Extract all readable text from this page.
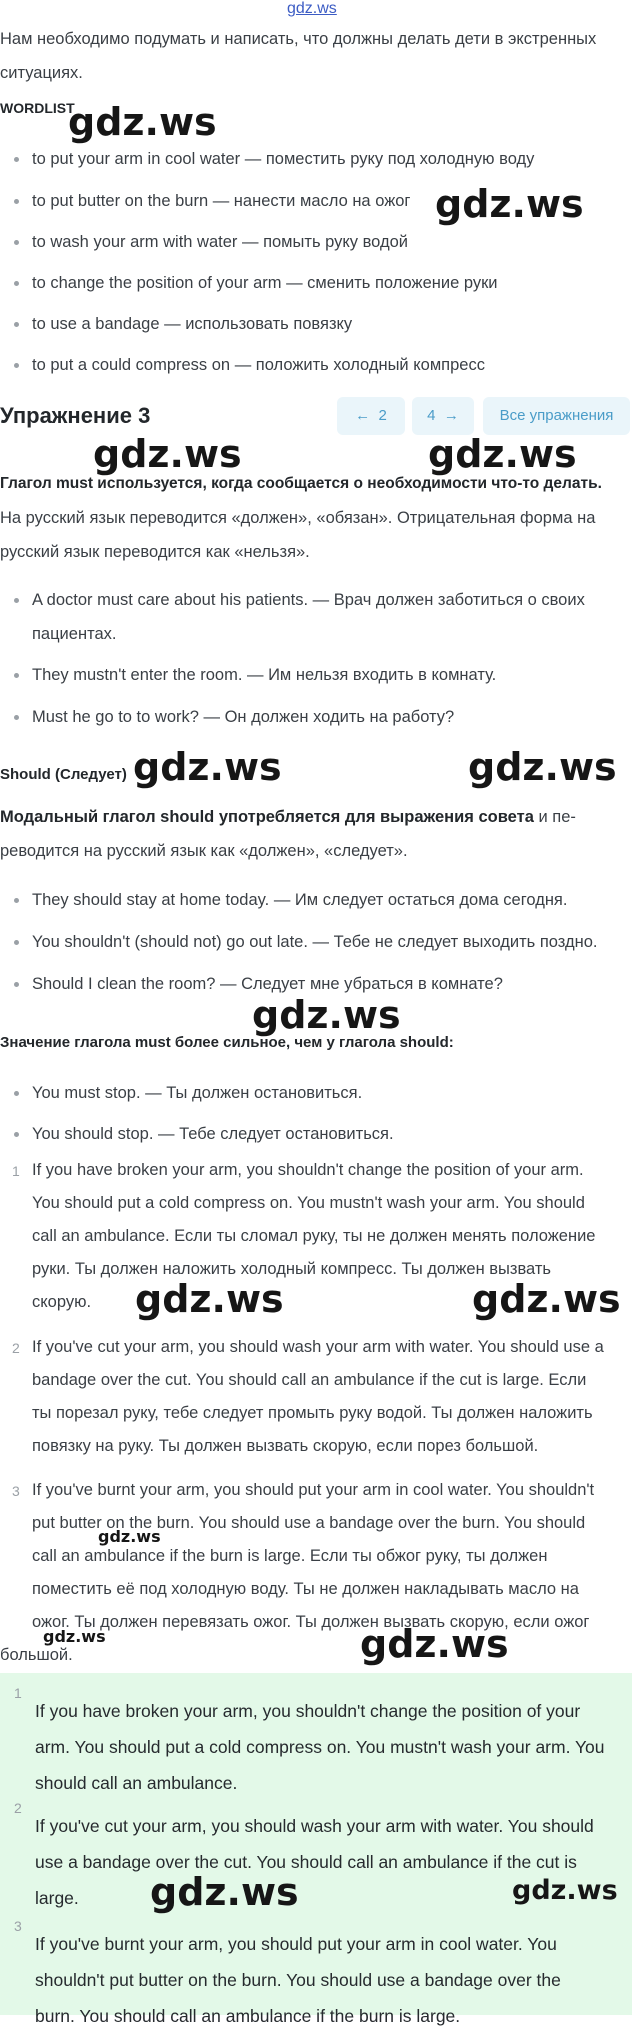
gdz.ws

Нам необходимо подумать и написать, что должны делать дети в экстренных

ситуациях.

WORDLIST
to put your arm in cool water — поместить руку под холодную воду
to put butter on the burn — нанести масло на ожог
to wash your arm with water — помыть руку водой
to change the position of your arm — сменить положение руки
to use a bandage — использовать повязку
to put a could compress on — положить холодный компресс
Упражнение 3	← 2	4 →	Все упражнения

Глагол must используется, когда сообщается о необходимости что-то делать.

На русский язык переводится «должен», «обязан». Отрицательная форма на

русский язык переводится как «нельзя».

A doctor must care about his patients. — Врач должен заботиться о своих
пациентах.
They mustn't enter the room. — Им нельзя входить в комнату.
Must he go to to work? — Он должен ходить на работу?

Should (Следует)

Модальный глагол should употребляется для выражения совета и пе-

реводится на русский язык как «должен», «следует».

They should stay at home today. — Им следует остаться дома сегодня.
You shouldn't (should not) go out late. — Тебе не следует выходить поздно.
Should I clean the room? — Следует мне убраться в комнате?

Значение глагола must более сильное, чем у глагола should:

You must stop. — Ты должен остановиться.
You should stop. — Тебе следует остановиться.
1 If you have broken your arm, you shouldn't change the position of your arm.

You should put a cold compress on. You mustn't wash your arm. You should

call an ambulance. Если ты сломал руку, ты не должен менять положение

руки. Ты должен наложить холодный компресс. Ты должен вызвать

скорую.

2 If you've cut your arm, you should wash your arm with water. You should use a

bandage over the cut. You should call an ambulance if the cut is large. Если

ты порезал руку, тебе следует промыть руку водой. Ты должен наложить

повязку на руку. Ты должен вызвать скорую, если порез большой.

3 If you've burnt your arm, you should put your arm in cool water. You shouldn't

put butter on the burn. You should use a bandage over the burn. You should

call an ambulance if the burn is large. Если ты обжог руку, ты должен

поместить её под холодную воду. Ты не должен накладывать масло на

ожог. Ты должен перевязать ожог. Ты должен вызвать скорую, если ожог

большой.

1

If you have broken your arm, you shouldn't change the position of your

arm. You should put a cold compress on. You mustn't wash your arm. You

should call an ambulance.

2

If you've cut your arm, you should wash your arm with water. You should

use a bandage over the cut. You should call an ambulance if the cut is

large.

3

If you've burnt your arm, you should put your arm in cool water. You

shouldn't put butter on the burn. You should use a bandage over the

burn. You should call an ambulance if the burn is large.

gdz.ws
gdz.ws
gdz.ws	gdz.ws
gdz.ws	gdz.ws
gdz.ws
gdz.ws	gdz.ws
gdz.ws
gdz.ws	gdz.ws
gdz.ws	gdz.ws
